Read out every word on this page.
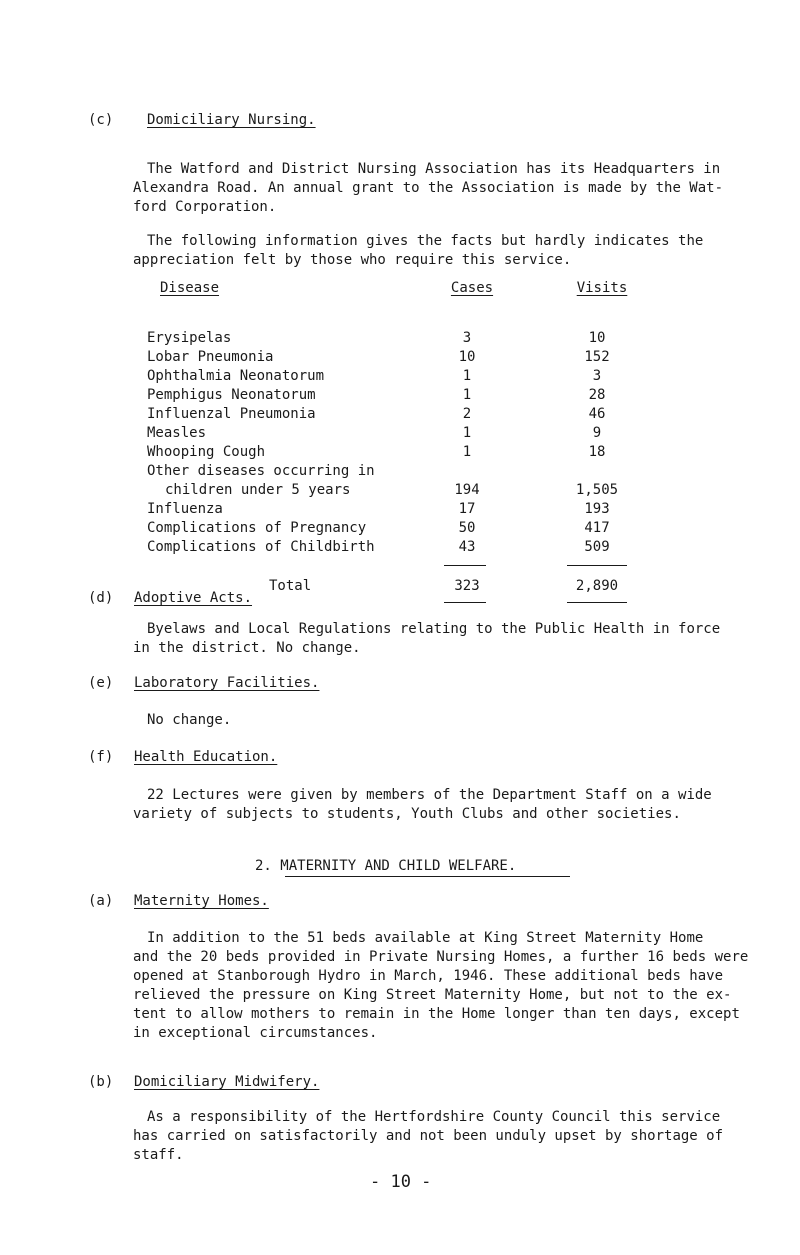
(c) Domiciliary Nursing.
The Watford and District Nursing Association has its Headquarters in
Alexandra Road. An annual grant to the Association is made by the Wat-
ford Corporation.
The following information gives the facts but hardly indicates the
appreciation felt by those who require this service.
Disease	Cases	Visits
Erysipelas	3	10
Lobar Pneumonia	10	152
Ophthalmia Neonatorum	1	3
Pemphigus Neonatorum	1	28
Influenzal Pneumonia	2	46
Measles	1	9
Whooping Cough	1	18
Other diseases occurring in
children under 5 years	194	1,505
Influenza	17	193
Complications of Pregnancy	50	417
Complications of Childbirth	43	509
Total	323	2,890
(d) Adoptive Acts.
Byelaws and Local Regulations relating to the Public Health in force
in the district. No change.
(e) Laboratory Facilities.
No change.
(f) Health Education.
22 Lectures were given by members of the Department Staff on a wide
variety of subjects to students, Youth Clubs and other societies.
2. MATERNITY AND CHILD WELFARE.
(a) Maternity Homes.
In addition to the 51 beds available at King Street Maternity Home
and the 20 beds provided in Private Nursing Homes, a further 16 beds were
opened at Stanborough Hydro in March, 1946. These additional beds have
relieved the pressure on King Street Maternity Home, but not to the ex-
tent to allow mothers to remain in the Home longer than ten days, except
in exceptional circumstances.
(b) Domiciliary Midwifery.
As a responsibility of the Hertfordshire County Council this service
has carried on satisfactorily and not been unduly upset by shortage of
staff.
- 10 -
